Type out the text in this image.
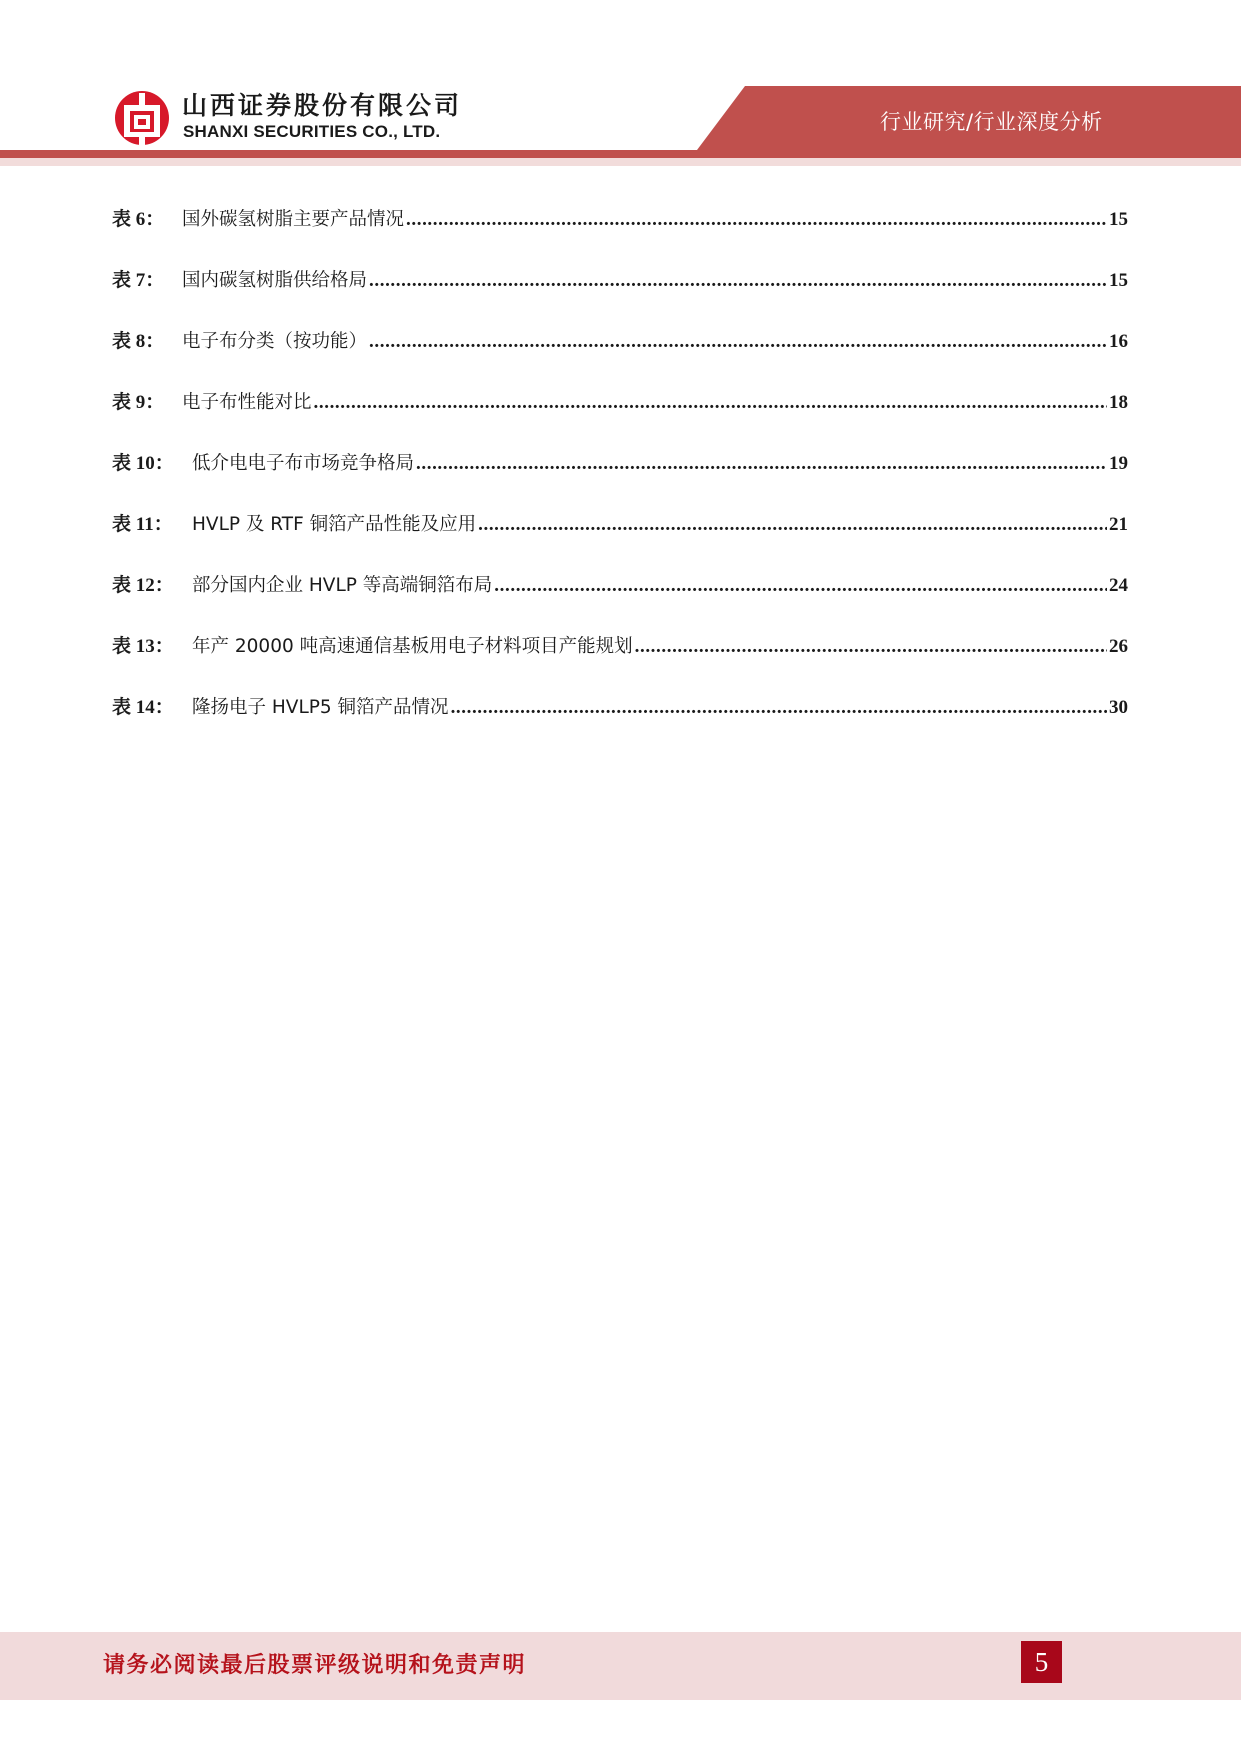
山西证券股份有限公司
SHANXI SECURITIES CO., LTD.	行业研究/行业深度分析
表 6： 国外碳氢树脂主要产品情况 .....	15
表 7： 国内碳氢树脂供给格局 .....	15
表 8： 电子布分类（按功能） .....	16
表 9： 电子布性能对比 .....	18
表 10： 低介电电子布市场竞争格局 .....	19
表 11：	HVLP 及 RTF 铜箔产品性能及应用 .....	21
表 12： 部分国内企业 HVLP 等高端铜箔布局 .....	24
表 13： 年产 20000 吨高速通信基板用电子材料项目产能规划 .....	26
表 14： 隆扬电子 HVLP5 铜箔产品情况 .....	30
请务必阅读最后股票评级说明和免责声明	5
